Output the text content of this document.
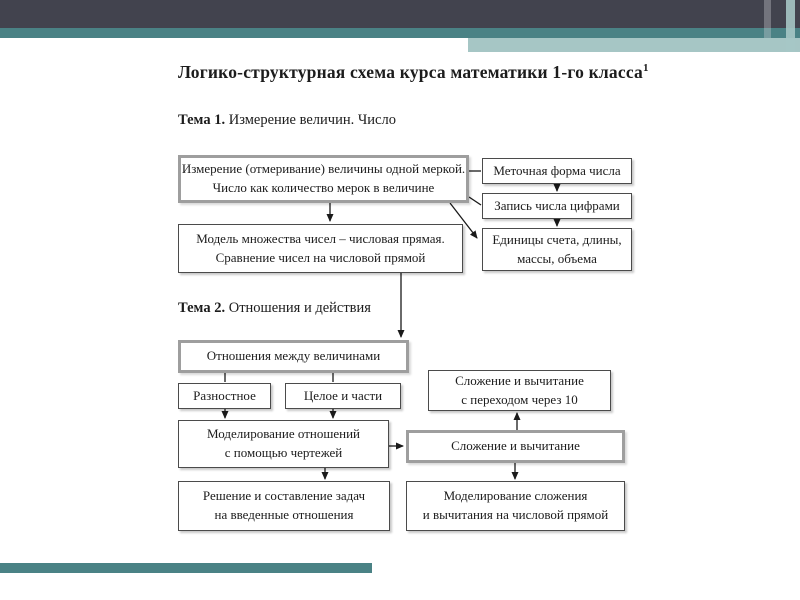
Логико-структурная схема курса математики 1-го класса$^1$
Тема 1. Измерение величин. Число
Тема 2. Отношения и действия
Измерение (отмеривание) величины одной меркой.
Число как количество мерок в величине
Меточная форма числа
Запись числа цифрами
Единицы счета, длины,
массы, объема
Модель множества чисел – числовая прямая.
Сравнение чисел на числовой прямой
Отношения между величинами
Разностное	Целое и части
Сложение и вычитание
с переходом через 10
Моделирование отношений
с помощью чертежей	Сложение и вычитание
Решение и составление задач
на введенные отношения
Моделирование сложения
и вычитания на числовой прямой
